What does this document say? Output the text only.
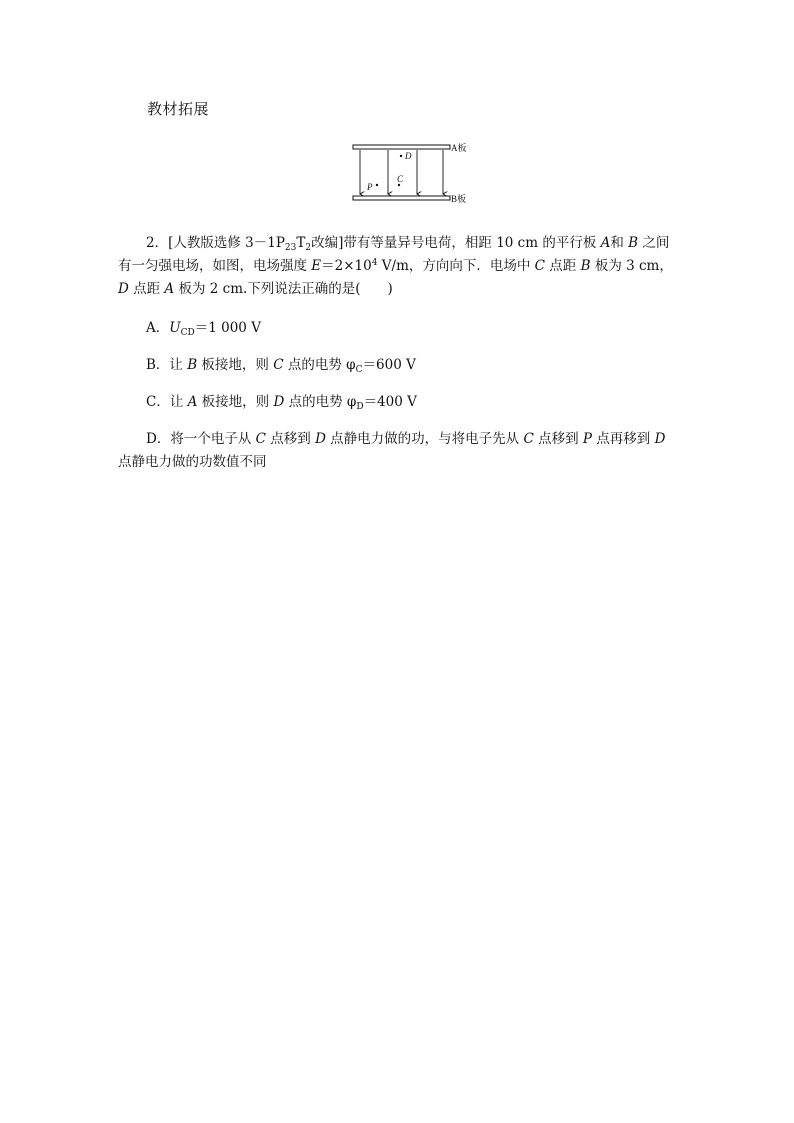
教材拓展
D
C
P
A板
B板
2．[人教版选修 $3-1P_{23}T_2$改编]带有等量异号电荷，相距 10 cm 的平行板 A和 B 之间有一匀强电场，如图，电场强度 $E=2\times 10^4$ V/m，方向向下．电场中 C 点距 B 板为 3 cm，D 点距 A 板为 2 cm.下列说法正确的是(　　)
A．$U_{CD}=1$ 000 V
B．让 B 板接地，则 C 点的电势 $\varphi_C=600$ V
C．让 A 板接地，则 D 点的电势 $\varphi_D=400$ V
D．将一个电子从 C 点移到 D 点静电力做的功，与将电子先从 C 点移到 P 点再移到 D 点静电力做的功数值不同
